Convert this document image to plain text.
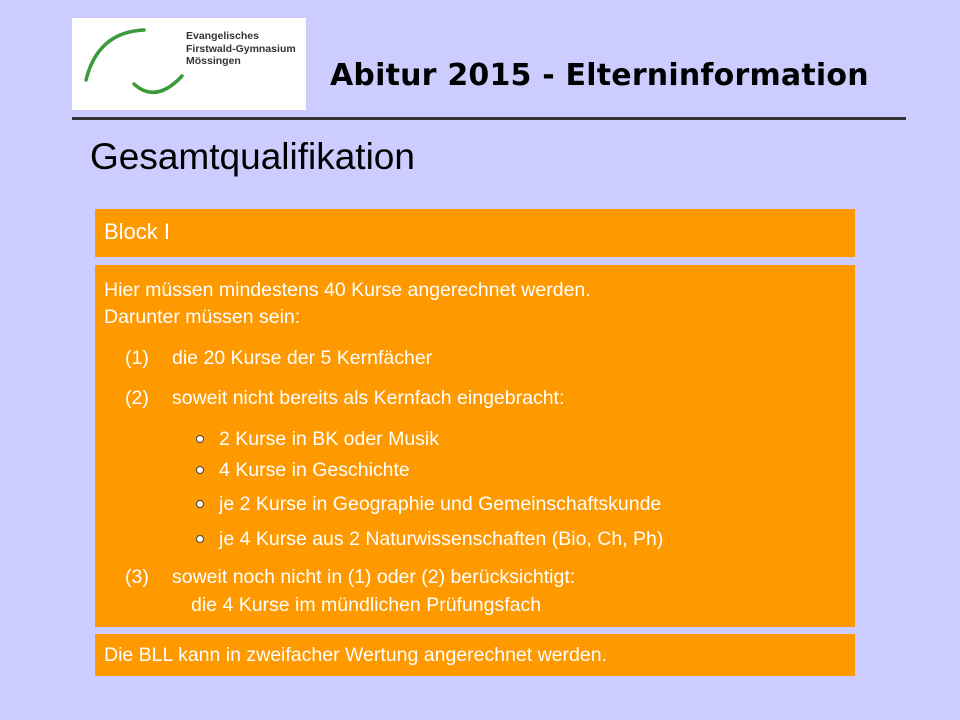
Evangelisches
Firstwald-Gymnasium
Mössingen	Abitur 2015 - Elterninformation
Gesamtqualifikation
Block I
Hier müssen mindestens 40 Kurse angerechnet werden.
Darunter müssen sein:
(1) die 20 Kurse der 5 Kernfächer
(2) soweit nicht bereits als Kernfach eingebracht:
2 Kurse in BK oder Musik
4 Kurse in Geschichte
je 2 Kurse in Geographie und Gemeinschaftskunde
je 4 Kurse aus 2 Naturwissenschaften (Bio, Ch, Ph)
(3) soweit noch nicht in (1) oder (2) berücksichtigt:
die 4 Kurse im mündlichen Prüfungsfach
Die BLL kann in zweifacher Wertung angerechnet werden.
